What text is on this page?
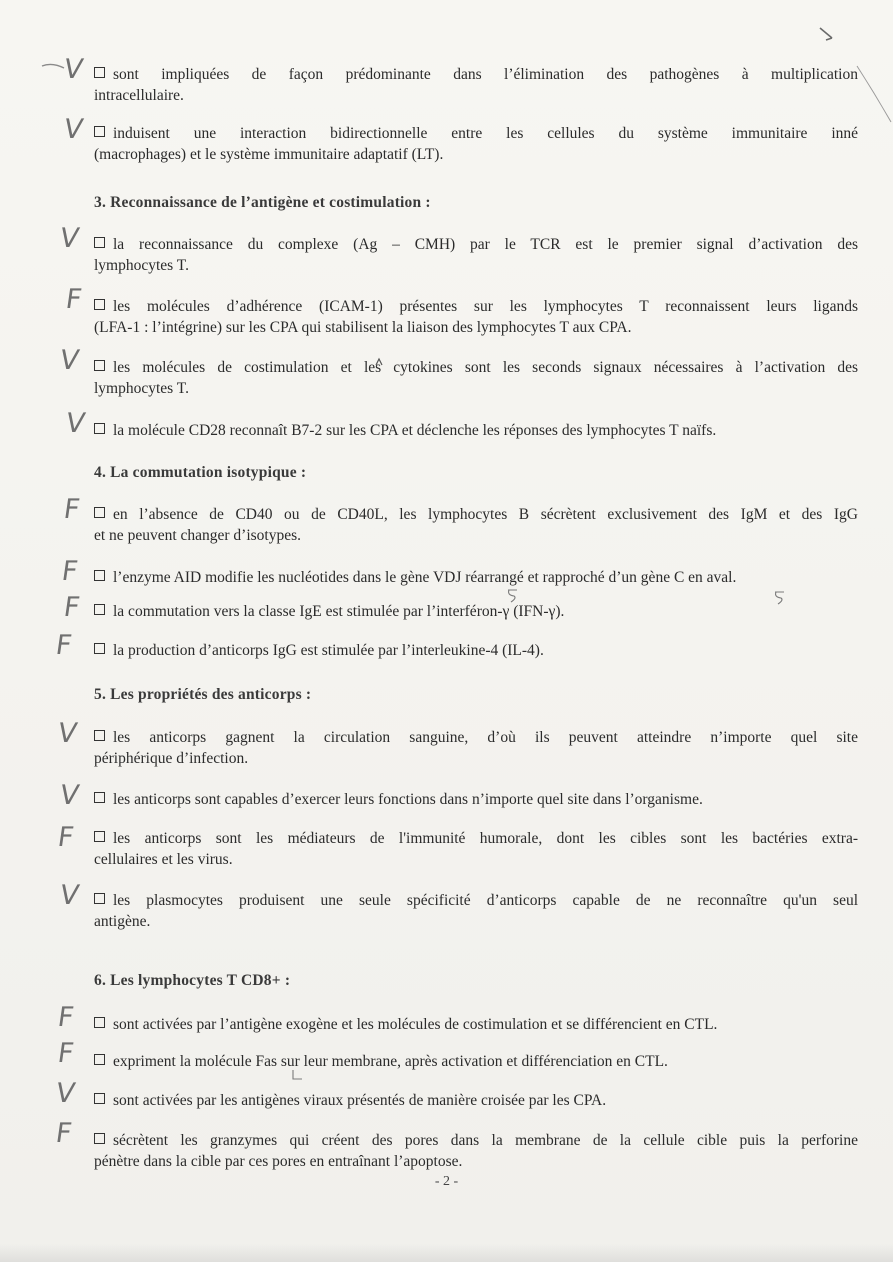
V	sont impliquées de façon prédominante dans l’élimination des pathogènes à multiplication
intracellulaire.
V	induisent une interaction bidirectionnelle entre les cellules du système immunitaire inné
(macrophages) et le système immunitaire adaptatif (LT).
3. Reconnaissance de l’antigène et costimulation :
V	la reconnaissance du complexe (Ag – CMH) par le TCR est le premier signal d’activation des
lymphocytes T.
F	les molécules d’adhérence (ICAM-1) présentes sur les lymphocytes T reconnaissent leurs ligands
(LFA-1 : l’intégrine) sur les CPA qui stabilisent la liaison des lymphocytes T aux CPA.
V	les molécules de costimulation et les cytokines sont les seconds signaux nécessaires à l’activation des
lymphocytes T.
V	la molécule CD28 reconnaît B7-2 sur les CPA et déclenche les réponses des lymphocytes T naïfs.
4. La commutation isotypique :
F	en l’absence de CD40 ou de CD40L, les lymphocytes B sécrètent exclusivement des IgM et des IgG
et ne peuvent changer d’isotypes.
F	l’enzyme AID modifie les nucléotides dans le gène VDJ réarrangé et rapproché d’un gène C en aval.
F	la commutation vers la classe IgE est stimulée par l’interféron-γ (IFN-γ).
F	la production d’anticorps IgG est stimulée par l’interleukine-4 (IL-4).
5. Les propriétés des anticorps :
V	les anticorps gagnent la circulation sanguine, d’où ils peuvent atteindre n’importe quel site
périphérique d’infection.
V	les anticorps sont capables d’exercer leurs fonctions dans n’importe quel site dans l’organisme.
F	les anticorps sont les médiateurs de l'immunité humorale, dont les cibles sont les bactéries extra-
cellulaires et les virus.
V	les plasmocytes produisent une seule spécificité d’anticorps capable de ne reconnaître qu'un seul
antigène.
6. Les lymphocytes T CD8+ :
F	sont activées par l’antigène exogène et les molécules de costimulation et se différencient en CTL.
F	expriment la molécule Fas sur leur membrane, après activation et différenciation en CTL.
V	sont activées par les antigènes viraux présentés de manière croisée par les CPA.
F	sécrètent les granzymes qui créent des pores dans la membrane de la cellule cible puis la perforine
pénètre dans la cible par ces pores en entraînant l’apoptose.
- 2 -
